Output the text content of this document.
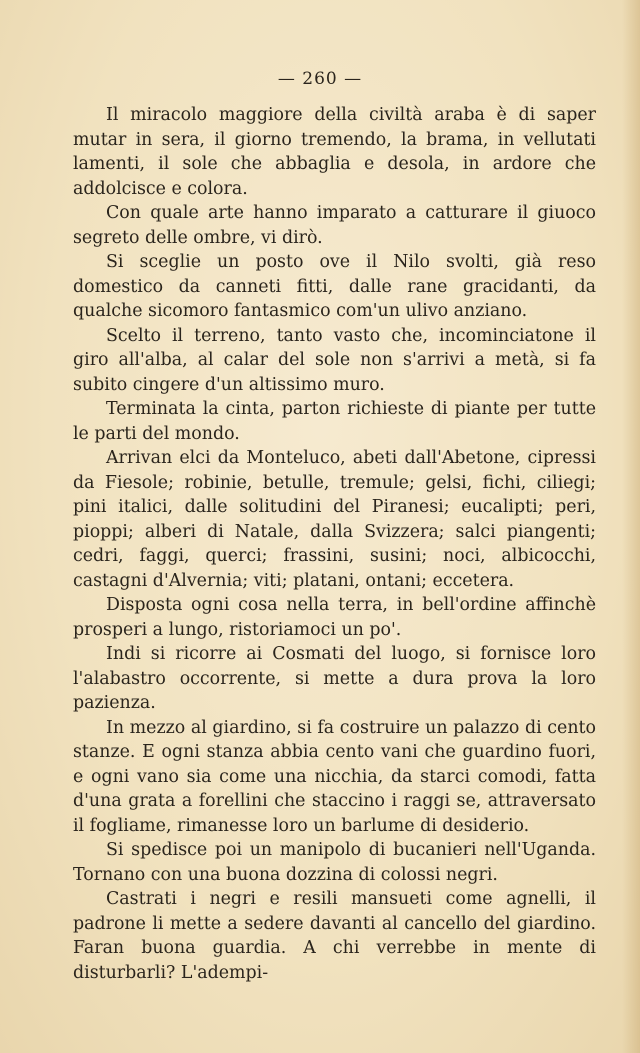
— 260 —

Il miracolo maggiore della civiltà araba è di saper mutar in sera, il giorno tremendo, la brama, in vellutati lamenti, il sole che abbaglia e desola, in ardore che addolcisce e colora.

Con quale arte hanno imparato a catturare il giuoco segreto delle ombre, vi dirò.

Si sceglie un posto ove il Nilo svolti, già reso domestico da canneti fitti, dalle rane gracidanti, da qualche sicomoro fantasmico com'un ulivo anziano.

Scelto il terreno, tanto vasto che, incominciatone il giro all'alba, al calar del sole non s'arrivi a metà, si fa subito cingere d'un altissimo muro.

Terminata la cinta, parton richieste di piante per tutte le parti del mondo.

Arrivan elci da Monteluco, abeti dall'Abetone, cipressi da Fiesole; robinie, betulle, tremule; gelsi, fichi, ciliegi; pini italici, dalle solitudini del Piranesi; eucalipti; peri, pioppi; alberi di Natale, dalla Svizzera; salci piangenti; cedri, faggi, querci; frassini, susini; noci, albicocchi, castagni d'Alvernia; viti; platani, ontani; eccetera.

Disposta ogni cosa nella terra, in bell'ordine affinchè prosperi a lungo, ristoriamoci un po'.

Indi si ricorre ai Cosmati del luogo, si fornisce loro l'alabastro occorrente, si mette a dura prova la loro pazienza.

In mezzo al giardino, si fa costruire un palazzo di cento stanze. E ogni stanza abbia cento vani che guardino fuori, e ogni vano sia come una nicchia, da starci comodi, fatta d'una grata a forellini che staccino i raggi se, attraversato il fogliame, rimanesse loro un barlume di desiderio.

Si spedisce poi un manipolo di bucanieri nell'Uganda. Tornano con una buona dozzina di colossi negri.

Castrati i negri e resili mansueti come agnelli, il padrone li mette a sedere davanti al cancello del giardino. Faran buona guardia. A chi verrebbe in mente di disturbarli? L'adempi-
